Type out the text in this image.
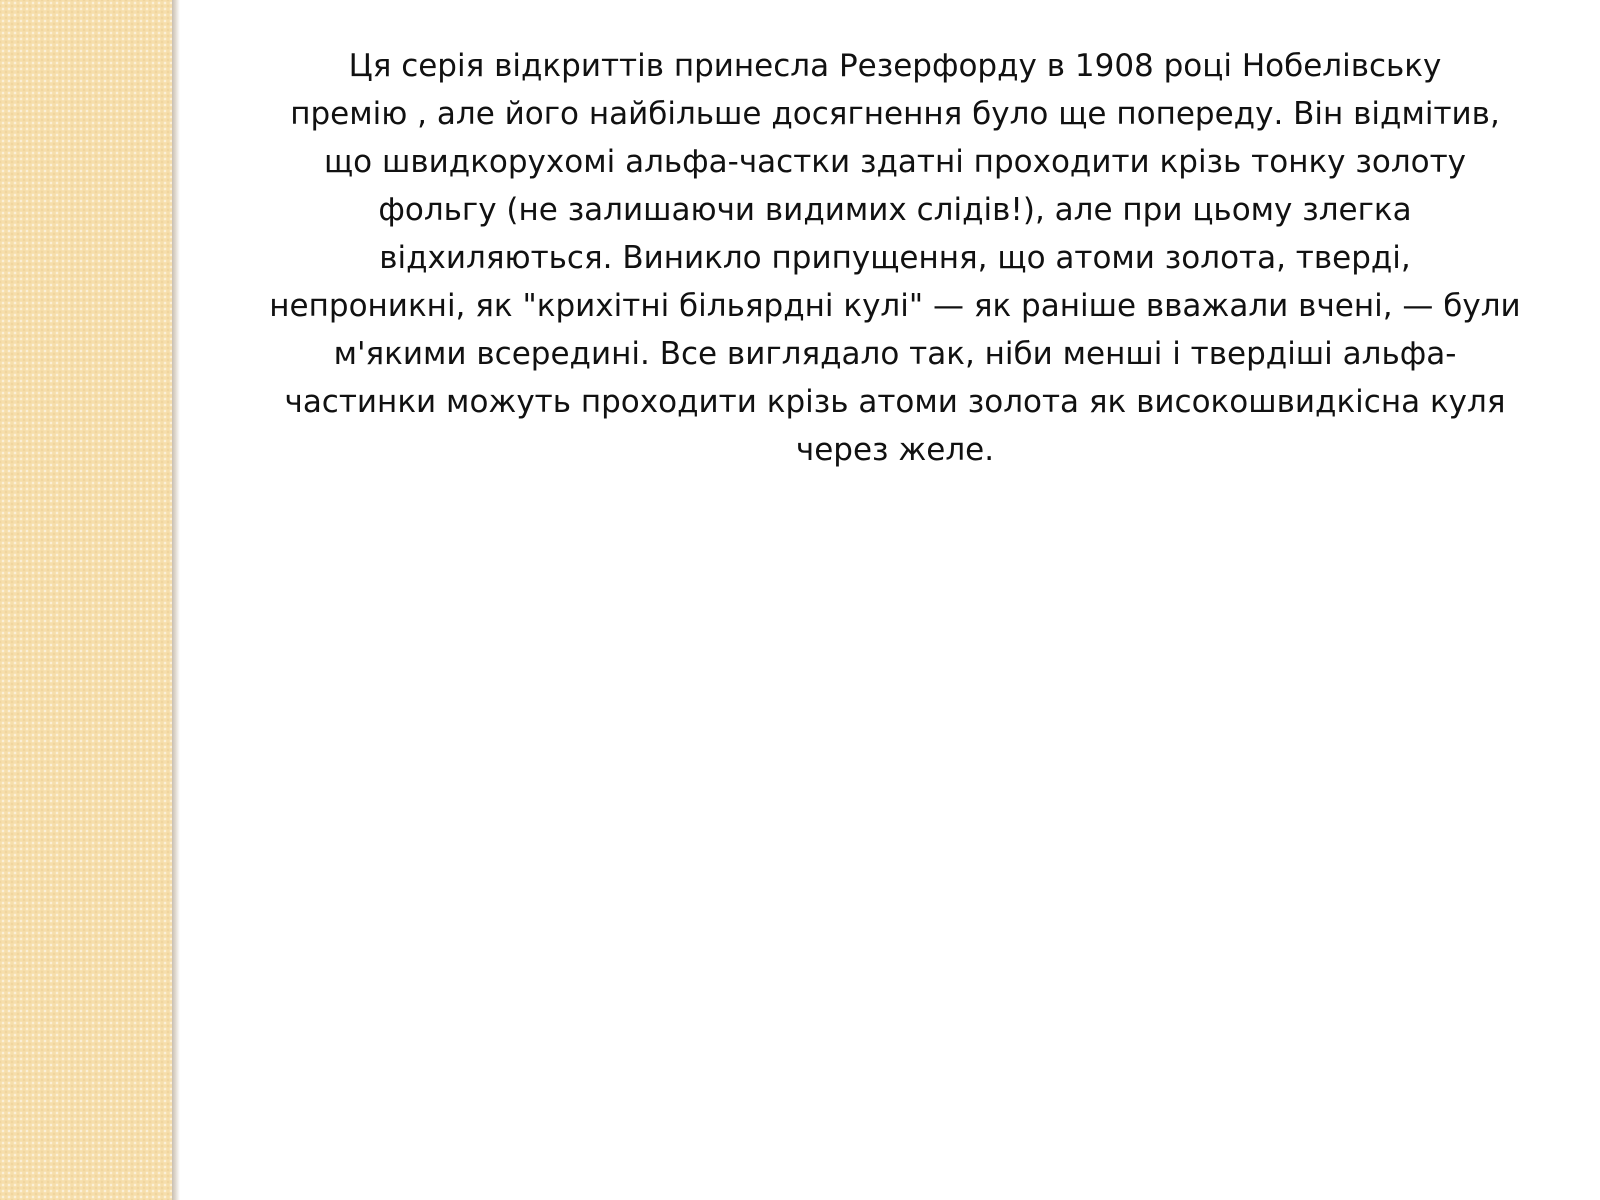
Ця серія відкриттів принесла Резерфорду в 1908 році Нобелівську
премію , але його найбільше досягнення було ще попереду. Він відмітив,
що швидкорухомі альфа-частки здатні проходити крізь тонку золоту
фольгу (не залишаючи видимих слідів!), але при цьому злегка
відхиляються. Виникло припущення, що атоми золота, тверді,
непроникні, як "крихітні більярдні кулі" — як раніше вважали вчені, — були
м'якими всередині. Все виглядало так, ніби менші і твердіші альфа-
частинки можуть проходити крізь атоми золота як високошвидкісна куля
через желе.
